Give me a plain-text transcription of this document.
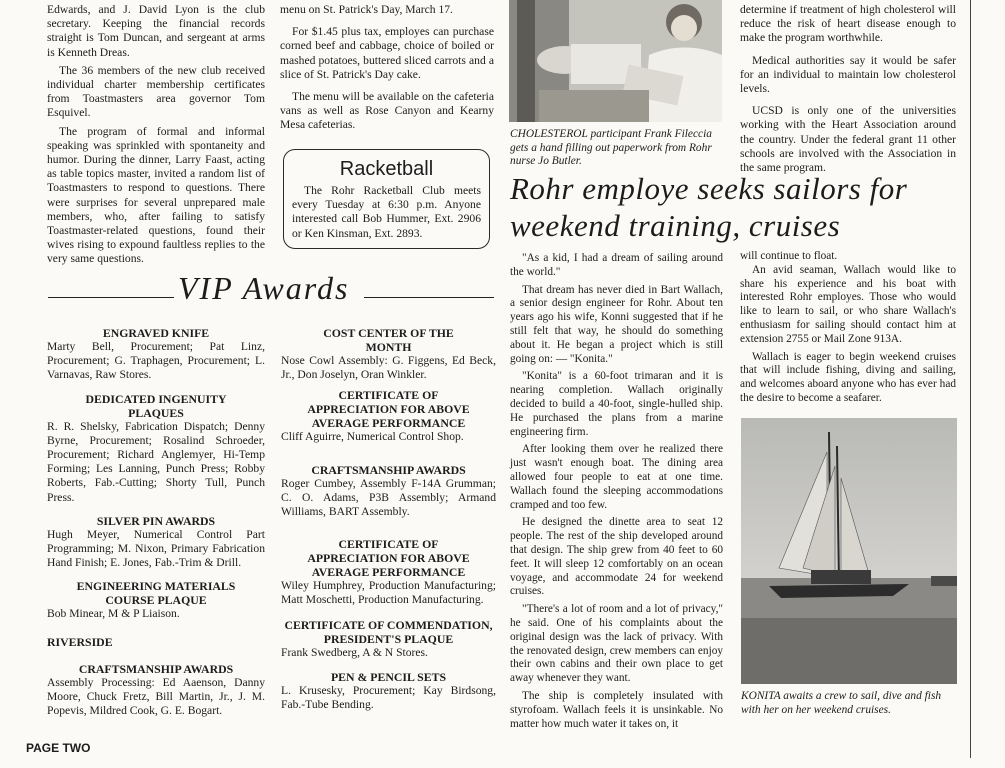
Edwards, and J. David Lyon is the club secretary. Keeping the financial records straight is Tom Duncan, and sergeant at arms is Kenneth Dreas.

The 36 members of the new club received individual charter membership certificates from Toastmasters area governor Tom Esquivel.

The program of formal and informal speaking was sprinkled with spontaneity and humor. During the dinner, Larry Faast, acting as table topics master, invited a random list of Toastmasters to respond to questions. There were surprises for several unprepared male members, who, after failing to satisfy Toastmaster-related questions, found their wives rising to expound faultless replies to the very same questions.

menu on St. Patrick's Day, March 17.

For $1.45 plus tax, employes can purchase corned beef and cabbage, choice of boiled or mashed potatoes, buttered sliced carrots and a slice of St. Patrick's Day cake.

The menu will be available on the cafeteria vans as well as Rose Canyon and Kearny Mesa cafeterias.

Racketball
The Rohr Racketball Club meets every Tuesday at 6:30 p.m. Anyone interested call Bob Hummer, Ext. 2906 or Ken Kinsman, Ext. 2893.
CHOLESTEROL participant Frank Fileccia gets a hand filling out paperwork from Rohr nurse Jo Butler.

determine if treatment of high cholesterol will reduce the risk of heart disease enough to make the program worthwhile.

Medical authorities say it would be safer for an individual to maintain low cholesterol levels.

UCSD is only one of the universities working with the Heart Association around the country. Under the federal grant 11 other schools are involved with the Association in the same program.

Rohr employe seeks sailors for weekend training, cruises
VIP Awards
ENGRAVED KNIFE
Marty Bell, Procurement; Pat Linz, Procurement; G. Traphagen, Procurement; L. Varnavas, Raw Stores.
DEDICATED INGENUITY PLAQUES
R. R. Shelsky, Fabrication Dispatch; Denny Byrne, Procurement; Rosalind Schroeder, Procurement; Richard Anglemyer, Hi-Temp Forming; Les Lanning, Punch Press; Robby Roberts, Fab.-Cutting; Shorty Tull, Punch Press.
SILVER PIN AWARDS
Hugh Meyer, Numerical Control Part Programming; M. Nixon, Primary Fabrication Hand Finish; E. Jones, Fab.-Trim & Drill.
ENGINEERING MATERIALS COURSE PLAQUE
Bob Minear, M & P Liaison.
RIVERSIDE
CRAFTSMANSHIP AWARDS
Assembly Processing: Ed Aaenson, Danny Moore, Chuck Fretz, Bill Martin, Jr., J. M. Popevis, Mildred Cook, G. E. Bogart.
COST CENTER OF THE MONTH
Nose Cowl Assembly: G. Figgens, Ed Beck, Jr., Don Joselyn, Oran Winkler.
CERTIFICATE OF APPRECIATION FOR ABOVE AVERAGE PERFORMANCE
Cliff Aguirre, Numerical Control Shop.
CRAFTSMANSHIP AWARDS
Roger Cumbey, Assembly F-14A Grumman; C. O. Adams, P3B Assembly; Armand Williams, BART Assembly.
CERTIFICATE OF APPRECIATION FOR ABOVE AVERAGE PERFORMANCE
Wiley Humphrey, Production Manufacturing; Matt Moschetti, Production Manufacturing.
CERTIFICATE OF COMMENDATION, PRESIDENT'S PLAQUE
Frank Swedberg, A & N Stores.
PEN & PENCIL SETS
L. Krusesky, Procurement; Kay Birdsong, Fab.-Tube Bending.

"As a kid, I had a dream of sailing around the world."

That dream has never died in Bart Wallach, a senior design engineer for Rohr. About ten years ago his wife, Konni suggested that if he still felt that way, he should do something about it. He began a project which is still going on: — "Konita."

"Konita" is a 60-foot trimaran and it is nearing completion. Wallach originally decided to build a 40-foot, single-hulled ship. He purchased the plans from a marine engineering firm.

After looking them over he realized there just wasn't enough boat. The dining area allowed four people to eat at one time. Wallach found the sleeping accommodations cramped and too few.

He designed the dinette area to seat 12 people. The rest of the ship developed around that design. The ship grew from 40 feet to 60 feet. It will sleep 12 comfortably on an ocean voyage, and accommodate 24 for weekend cruises.

"There's a lot of room and a lot of privacy," he said. One of his complaints about the original design was the lack of privacy. With the renovated design, crew members can enjoy their own cabins and their own place to get away whenever they want.

The ship is completely insulated with styrofoam. Wallach feels it is unsinkable. No matter how much water it takes on, it

will continue to float.

An avid seaman, Wallach would like to share his experience and his boat with interested Rohr employes. Those who would like to learn to sail, or who share Wallach's enthusiasm for sailing should contact him at extension 2755 or Mail Zone 913A.

Wallach is eager to begin weekend cruises that will include fishing, diving and sailing, and welcomes aboard anyone who has ever had the desire to become a seafarer.

KONITA awaits a crew to sail, dive and fish with her on her weekend cruises.
PAGE TWO
